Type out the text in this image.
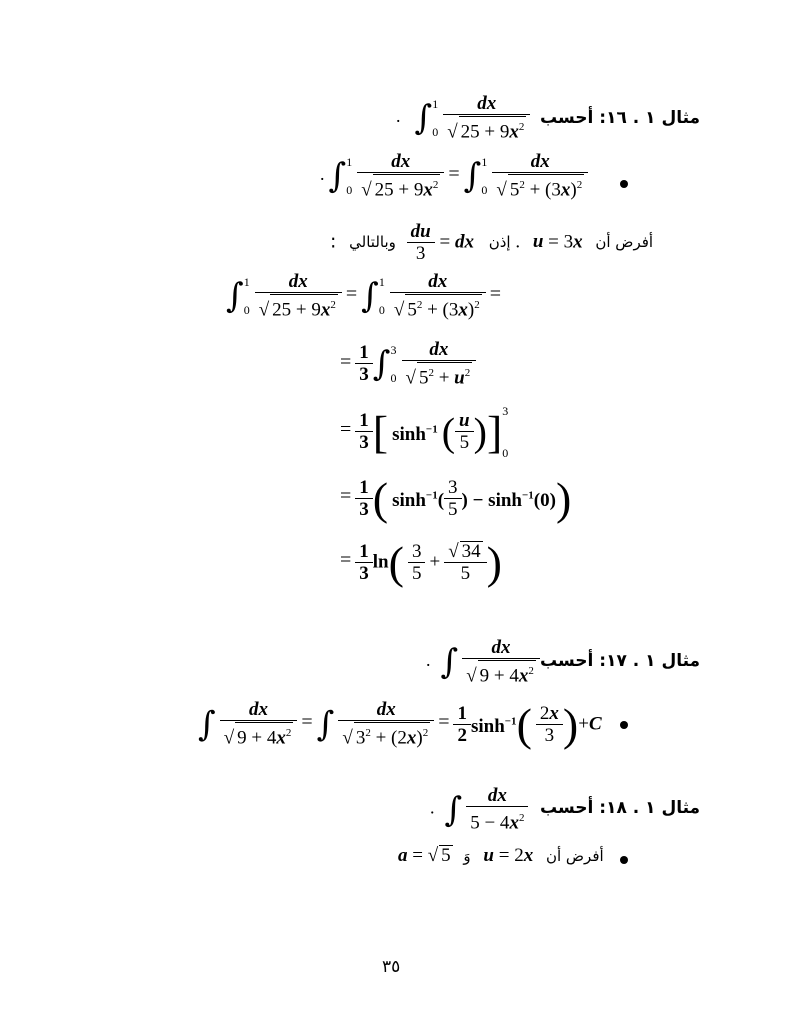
. ∫1

$0 \frac{dx}{√ 25 + 9x^2}$	مثال ١ . ١٦: أحسب
. ∫1

$0 \frac{dx}{√ 25 + 9x^2} = \int 1$

$0 \frac{dx}{√ 5^2 + (3x)^2}$
: وبالتالي $\frac{du}{3}$ = dx إذن . u = 3x أفرض أن
∫1

$0 \frac{dx}{√ 25 + 9x^2} = \int 1$

$0 \frac{dx}{√ 5^2 + (3x)^2}$ =
= $\frac{1}{3} \int 3$

$0 \frac{dx}{√ 5^2 + u^2}$
= $\frac{1}{3}$ [ $\sinh^{-1}$ ( $\frac{u}{5} )]3$

0
= $\frac{1}{3}$ ( $\sinh^{-1}( \frac{3}{5}$ ) − $\sinh^{-1}(0)$)
= $\frac{1}{3} \ln( \frac{3}{5} + \frac{√ 34}{5}$ )
. ∫ $\frac{dx}{√ 9 + 4x^2}$	مثال ١ . ١٧: أحسب
∫ $\frac{dx}{√ 9 + 4x^2}$ = ∫ $\frac{dx}{√ 3^2 + (2x)^2} = \frac{1}{2} \sinh^{-1}( \frac{2x}{3} )+C$
. ∫ $\frac{dx}{5 - 4x^2}$	مثال ١ . ١٨: أحسب
a = √ 5 وَ u = 2x أفرض أن
٣٥
